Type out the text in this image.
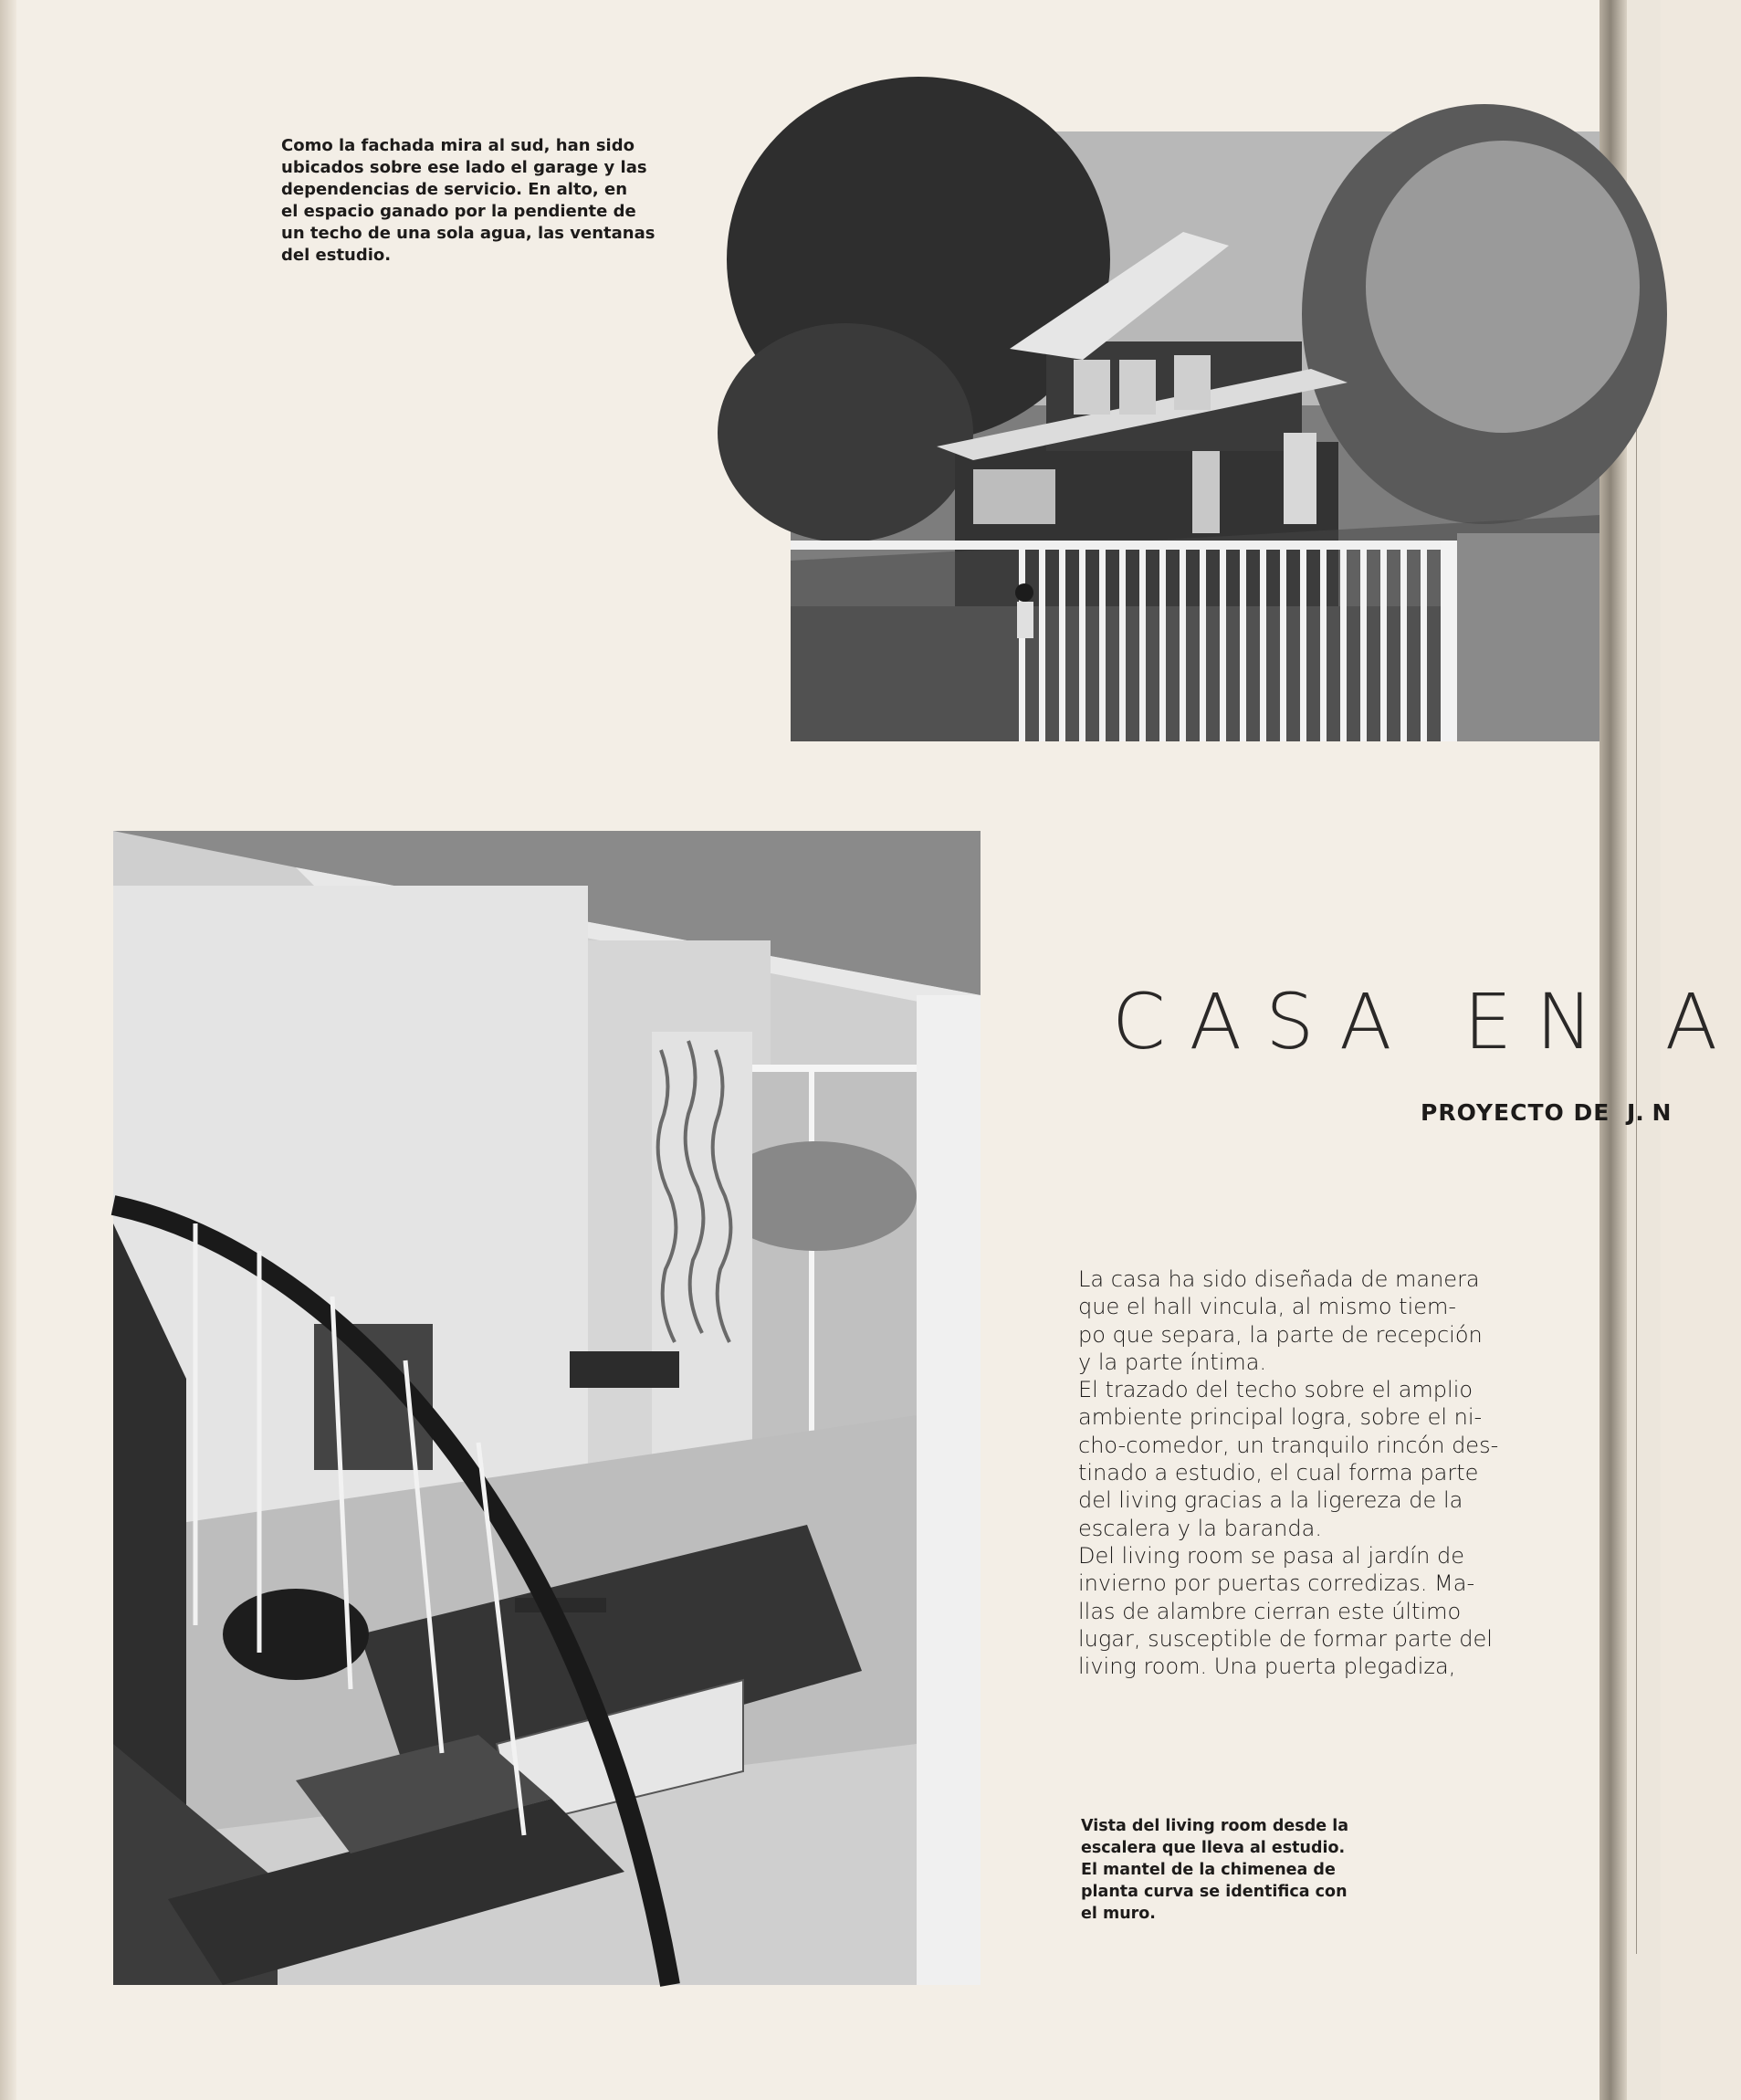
Como la fachada mira al sud, han sido
ubicados sobre ese lado el garage y las
dependencias de servicio. En alto, en
el espacio ganado por la pendiente de
un techo de una sola agua, las ventanas
del estudio.
CASA EN A
PROYECTO DE J. N
La casa ha sido diseñada de manera
que el hall vincula, al mismo tiem-
po que separa, la parte de recepción
y la parte íntima.
El trazado del techo sobre el amplio
ambiente principal logra, sobre el ni-
cho-comedor, un tranquilo rincón des-
tinado a estudio, el cual forma parte
del living gracias a la ligereza de la
escalera y la baranda.
Del living room se pasa al jardín de
invierno por puertas corredizas. Ma-
llas de alambre cierran este último
lugar, susceptible de formar parte del
living room. Una puerta plegadiza,
Vista del living room desde la
escalera que lleva al estudio.
El mantel de la chimenea de
planta curva se identifica con
el muro.
